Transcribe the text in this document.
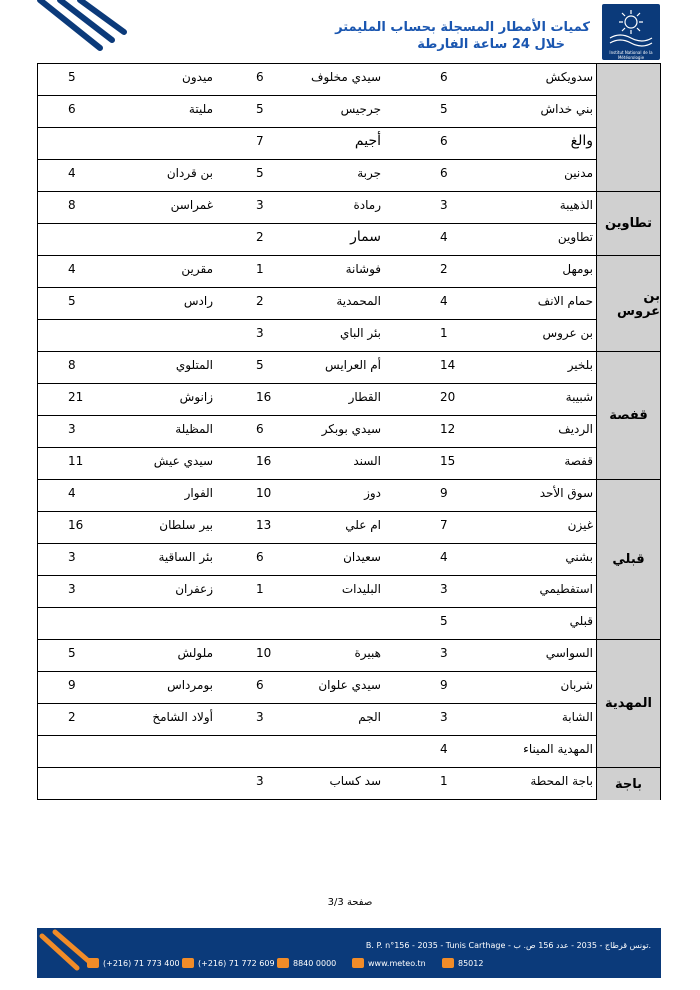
Institut National de la Météorologie
كميات الأمطار المسجلة بحساب المليمتر
خلال 24 ساعة الفارطة
تطاوين
بن عروس
قفصة
قبلي
المهدية
باجة
سدويكش
6
سيدي مخلوف
6
ميدون
5
بني خداش
5
جرجيس
5
مليتة
6
والغ
6
أجيم
7
مدنين
6
جربة
5
بن قردان
4
الذهيبة
3
رمادة
3
غمراسن
8
تطاوين
4
سمار
2
بومهل
2
فوشانة
1
مقرين
4
حمام الانف
4
المحمدية
2
رادس
5
بن عروس
1
بئر الباي
3
بلخير
14
أم العرايس
5
المتلوي
8
شبيبة
20
القطار
16
زانوش
21
الرديف
12
سيدي بوبكر
6
المظيلة
3
قفصة
15
السند
16
سيدي عيش
11
سوق الأحد
9
دوز
10
الفوار
4
غيزن
7
ام علي
13
بير سلطان
16
بشني
4
سعيدان
6
بئر الساقية
3
استفطيمي
3
البليدات
1
زعفران
3
قبلي
5
السواسي
3
هبيرة
10
ملولش
5
شربان
9
سيدي علوان
6
بومرداس
9
الشابة
3
الجم
3
أولاد الشامخ
2
المهدية الميناء
4
باجة المحطة
1
سد كساب
3
صفحة 3/3
B. P. n°156 - 2035 - Tunis Carthage - تونس قرطاج - 2035 - عدد 156 ص. ب.
(+216) 71 773 400 (+216) 71 772 609 8840 0000	www.meteo.tn	85012
